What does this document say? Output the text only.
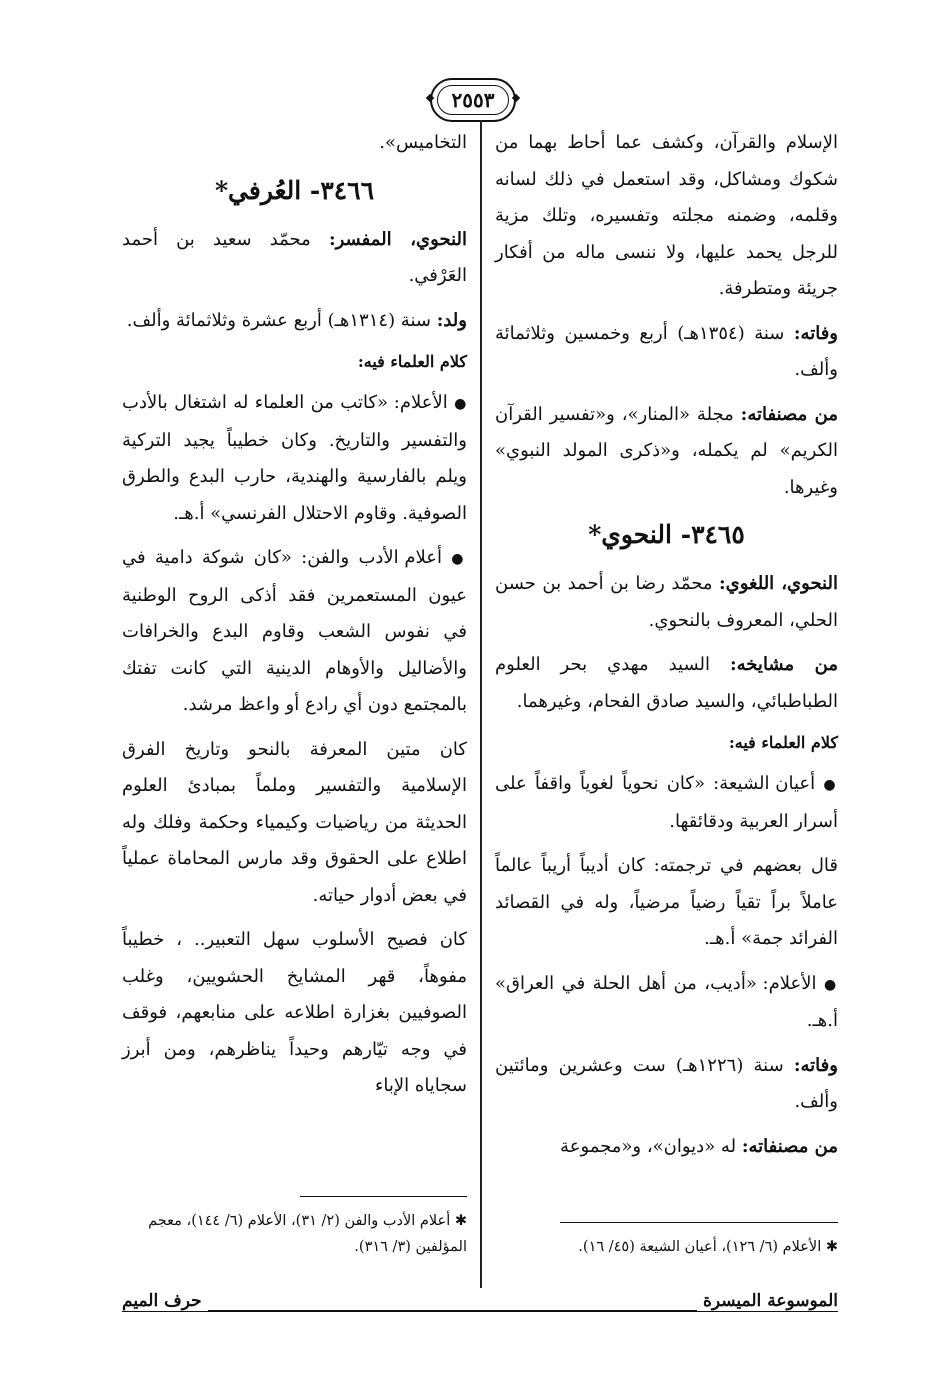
٢٥٥٣

الإسلام والقرآن، وكشف عما أحاط بهما من شكوك ومشاكل، وقد استعمل في ذلك لسانه وقلمه، وضمنه مجلته وتفسيره، وتلك مزية للرجل يحمد عليها، ولا ننسى ماله من أفكار جريئة ومتطرفة.

وفاته: سنة (١٣٥٤هـ) أربع وخمسين وثلاثمائة وألف.

من مصنفاته: مجلة «المنار»، و«تفسير القرآن الكريم» لم يكمله، و«ذكرى المولد النبوي» وغيرها.

٣٤٦٥- النحوي*

النحوي، اللغوي: محمّد رضا بن أحمد بن حسن الحلي، المعروف بالنحوي.

من مشايخه: السيد مهدي بحر العلوم الطباطبائي، والسيد صادق الفحام، وغيرهما.

كلام العلماء فيه:

● أعيان الشيعة: «كان نحوياً لغوياً واقفاً على أسرار العربية ودقائقها.

قال بعضهم في ترجمته: كان أديباً أريباً عالماً عاملاً براً تقياً رضياً مرضياً، وله في القصائد الفرائد جمة» أ.هـ.

● الأعلام: «أديب، من أهل الحلة في العراق» أ.هـ.

وفاته: سنة (١٢٢٦هـ) ست وعشرين ومائتين وألف.

من مصنفاته: له «ديوان»، و«مجموعة

✱ الأعلام (٦/ ١٢٦)، أعيان الشيعة (٤٥/ ١٦).

التخاميس».

٣٤٦٦- العُرفي*

النحوي، المفسر: محمّد سعيد بن أحمد العَرْفي.

ولد: سنة (١٣١٤هـ) أربع عشرة وثلاثمائة وألف.

كلام العلماء فيه:

● الأعلام: «كاتب من العلماء له اشتغال بالأدب والتفسير والتاريخ. وكان خطيباً يجيد التركية ويلم بالفارسية والهندية، حارب البدع والطرق الصوفية. وقاوم الاحتلال الفرنسي» أ.هـ.

● أعلام الأدب والفن: «كان شوكة دامية في عيون المستعمرين فقد أذكى الروح الوطنية في نفوس الشعب وقاوم البدع والخرافات والأضاليل والأوهام الدينية التي كانت تفتك بالمجتمع دون أي رادع أو واعظ مرشد.

كان متين المعرفة بالنحو وتاريخ الفرق الإسلامية والتفسير وملماً بمبادئ العلوم الحديثة من رياضيات وكيمياء وحكمة وفلك وله اطلاع على الحقوق وقد مارس المحاماة عملياً في بعض أدوار حياته.

كان فصيح الأسلوب سهل التعبير.. ، خطيباً مفوهاً، قهر المشايخ الحشويين، وغلب الصوفيين بغزارة اطلاعه على منابعهم، فوقف في وجه تيّارهم وحيداً يناظرهم، ومن أبرز سجاياه الإباء

✱ أعلام الأدب والفن (٢/ ٣١)، الأعلام (٦/ ١٤٤)، معجم المؤلفين (٣/ ٣١٦).
الموسوعة الميسرة
حرف الميم
